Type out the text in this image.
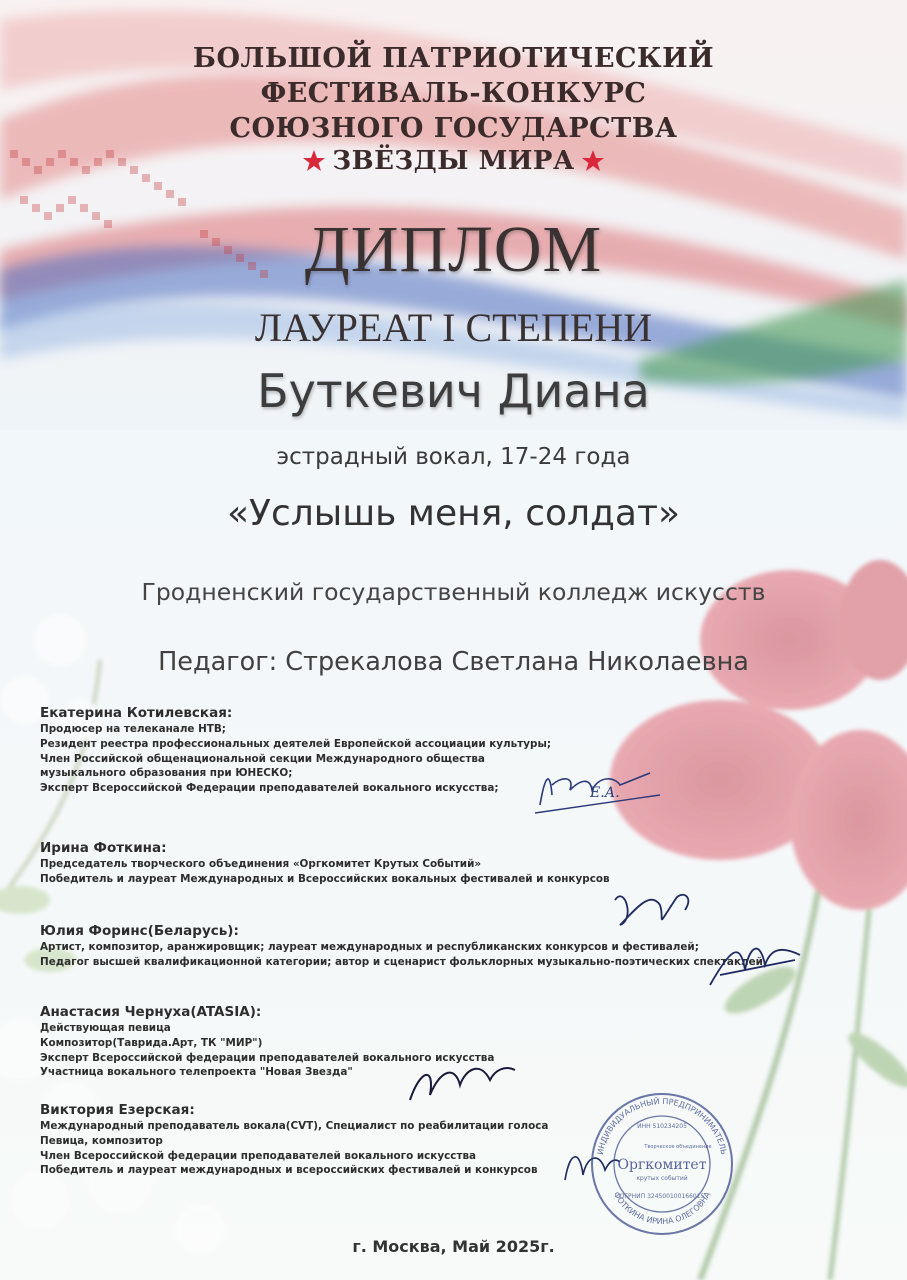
БОЛЬШОЙ ПАТРИОТИЧЕСКИЙ
ФЕСТИВАЛЬ-КОНКУРС
СОЮЗНОГО ГОСУДАРСТВА
ЗВЁЗДЫ МИРА
ДИПЛОМ
ЛАУРЕАТ I СТЕПЕНИ
Буткевич Диана
эстрадный вокал, 17-24 года
«Услышь меня, солдат»
Гродненский государственный колледж искусств
Педагог: Стрекалова Светлана Николаевна
Екатерина Котилевская:
Продюсер на телеканале НТВ;
Резидент реестра профессиональных деятелей Европейской ассоциации культуры;
Член Российской общенациональной секции Международного общества
музыкального образования при ЮНЕСКО;
Эксперт Всероссийской Федерации преподавателей вокального искусства;
Ирина Фоткина:
Председатель творческого объединения «Оргкомитет Крутых Событий»
Победитель и лауреат Международных и Всероссийских вокальных фестивалей и конкурсов
Юлия Форинс(Беларусь):
Артист, композитор, аранжировщик; лауреат международных и республиканских конкурсов и фестивалей;
Педагог высшей квалификационной категории; автор и сценарист фольклорных музыкально-поэтических спектаклей.
Анастасия Чернуха(ATASIA):
Действующая певица
Композитор(Таврида.Арт, ТК "МИР")
Эксперт Всероссийской федерации преподавателей вокального искусства
Участница вокального телепроекта "Новая Звезда"
Виктория Езерская:
Международный преподаватель вокала(CVT), Специалист по реабилитации голоса
Певица, композитор
Член Всероссийской федерации преподавателей вокального искусства
Победитель и лауреат международных и всероссийских фестивалей и конкурсов
Е.А.
ИНДИВИДУАЛЬНЫЙ ПРЕДПРИНИМАТЕЛЬ
ФОТКИНА ИРИНА ОЛЕГОВНА
ИНН 510234205
Творческое объединение
Оргкомитет
крутых событий
ОГРНИП 324500100166015
г. Москва, Май 2025г.
